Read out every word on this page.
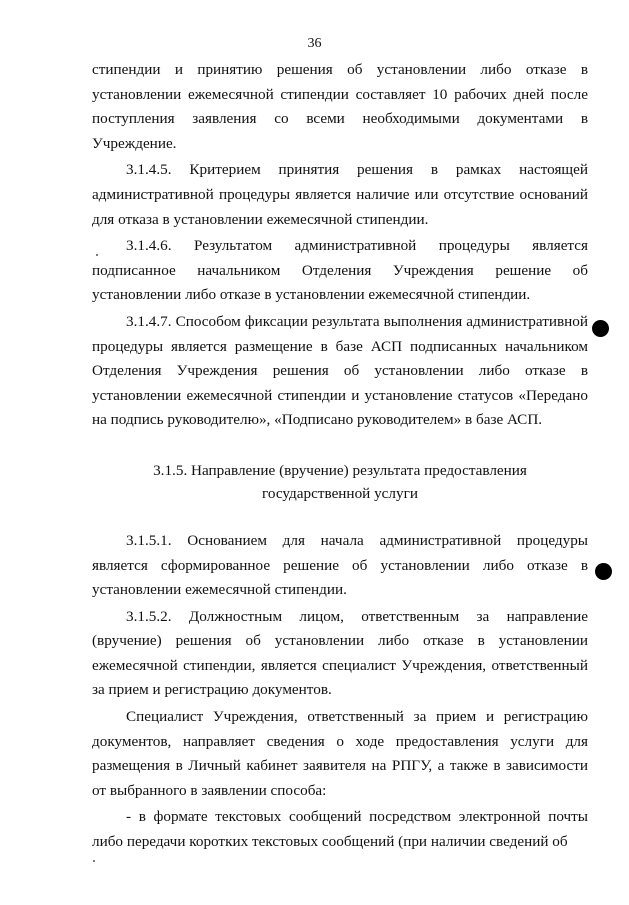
36

стипендии и принятию решения об установлении либо отказе в установлении ежемесячной стипендии составляет 10 рабочих дней после поступления заявления со всеми необходимыми документами в Учреждение.

3.1.4.5. Критерием принятия решения в рамках настоящей административной процедуры является наличие или отсутствие оснований для отказа в установлении ежемесячной стипендии.

3.1.4.6. Результатом административной процедуры является подписанное начальником Отделения Учреждения решение об установлении либо отказе в установлении ежемесячной стипендии.

3.1.4.7. Способом фиксации результата выполнения административной процедуры является размещение в базе АСП подписанных начальником Отделения Учреждения решения об установлении либо отказе в установлении ежемесячной стипендии и установление статусов «Передано на подпись руководителю», «Подписано руководителем» в базе АСП.

3.1.5. Направление (вручение) результата предоставления
государственной услуги

3.1.5.1. Основанием для начала административной процедуры является сформированное решение об установлении либо отказе в установлении ежемесячной стипендии.

3.1.5.2. Должностным лицом, ответственным за направление (вручение) решения об установлении либо отказе в установлении ежемесячной стипендии, является специалист Учреждения, ответственный за прием и регистрацию документов.

Специалист Учреждения, ответственный за прием и регистрацию документов, направляет сведения о ходе предоставления услуги для размещения в Личный кабинет заявителя на РПГУ, а также в зависимости от выбранного в заявлении способа:

- в формате текстовых сообщений посредством электронной почты либо передачи коротких текстовых сообщений (при наличии сведений об
